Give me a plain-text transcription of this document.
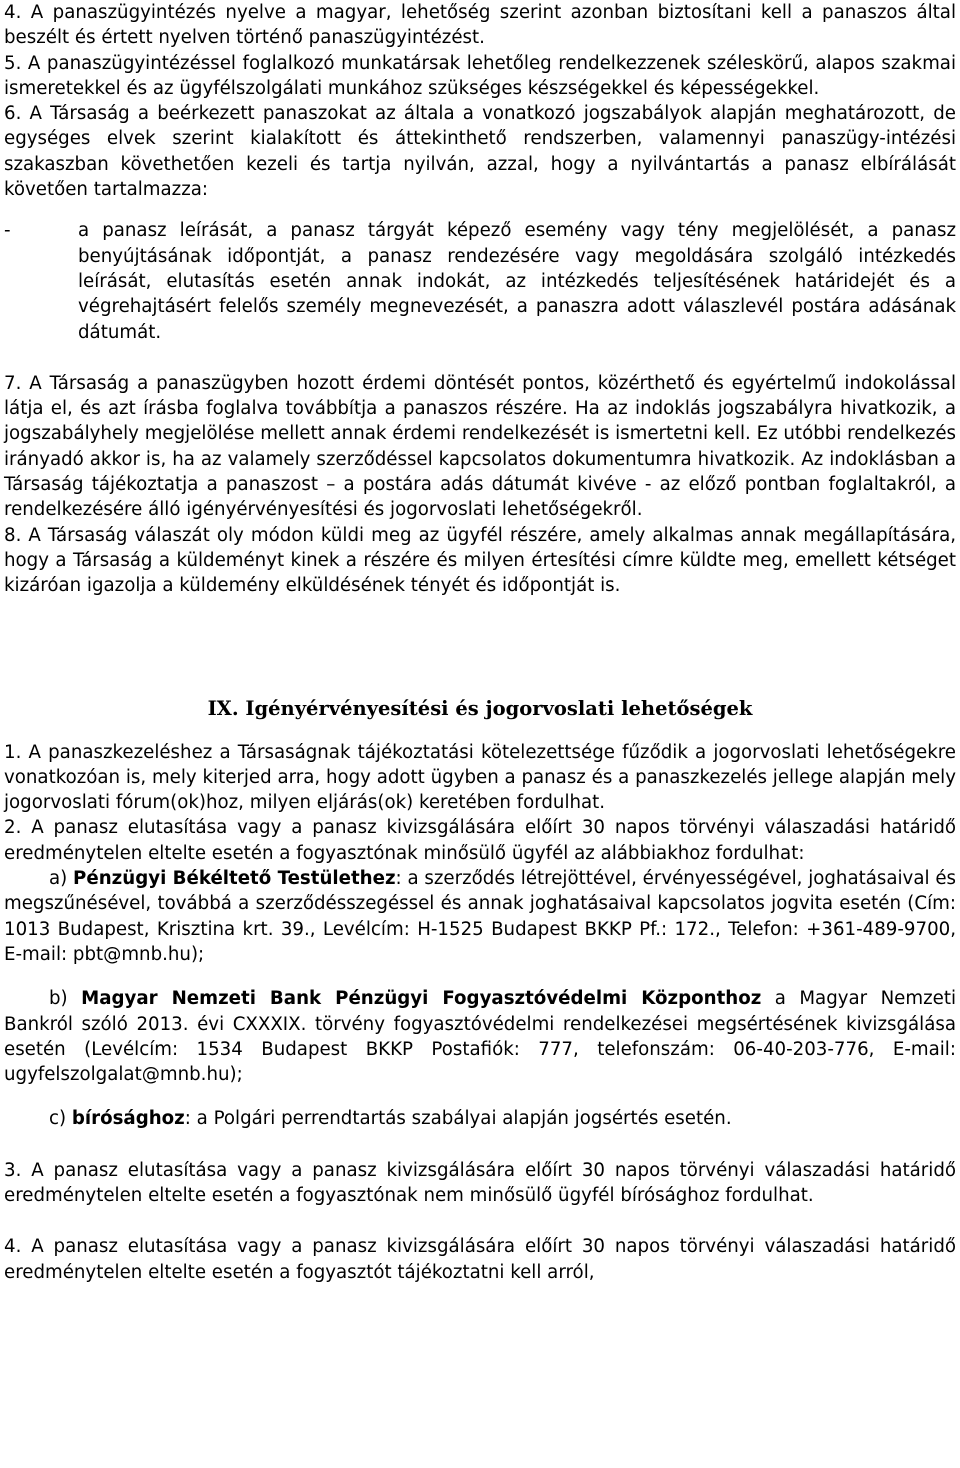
4. A panaszügyintézés nyelve a magyar, lehetőség szerint azonban biztosítani kell a panaszos által beszélt és értett nyelven történő panaszügyintézést.

5. A panaszügyintézéssel foglalkozó munkatársak lehetőleg rendelkezzenek széleskörű, alapos szakmai ismeretekkel és az ügyfélszolgálati munkához szükséges készségekkel és képességekkel.

6. A Társaság a beérkezett panaszokat az általa a vonatkozó jogszabályok alapján meghatározott, de egységes elvek szerint kialakított és áttekinthető rendszerben, valamennyi panaszügy-intézési szakaszban követhetően kezeli és tartja nyilván, azzal, hogy a nyilvántartás a panasz elbírálását követően tartalmazza:

-	a panasz leírását, a panasz tárgyát képező esemény vagy tény megjelölését, a panasz benyújtásának időpontját, a panasz rendezésére vagy megoldására szolgáló intézkedés leírását, elutasítás esetén annak indokát, az intézkedés teljesítésének határidejét és a végrehajtásért felelős személy megnevezését, a panaszra adott válaszlevél postára adásának dátumát.

7. A Társaság a panaszügyben hozott érdemi döntését pontos, közérthető és egyértelmű indokolással látja el, és azt írásba foglalva továbbítja a panaszos részére. Ha az indoklás jogszabályra hivatkozik, a jogszabályhely megjelölése mellett annak érdemi rendelkezését is ismertetni kell. Ez utóbbi rendelkezés irányadó akkor is, ha az valamely szerződéssel kapcsolatos dokumentumra hivatkozik. Az indoklásban a Társaság tájékoztatja a panaszost – a postára adás dátumát kivéve - az előző pontban foglaltakról, a rendelkezésére álló igényérvényesítési és jogorvoslati lehetőségekről.

8. A Társaság válaszát oly módon küldi meg az ügyfél részére, amely alkalmas annak megállapítására, hogy a Társaság a küldeményt kinek a részére és milyen értesítési címre küldte meg, emellett kétséget kizáróan igazolja a küldemény elküldésének tényét és időpontját is.

IX. Igényérvényesítési és jogorvoslati lehetőségek

1. A panaszkezeléshez a Társaságnak tájékoztatási kötelezettsége fűződik a jogorvoslati lehetőségekre vonatkozóan is, mely kiterjed arra, hogy adott ügyben a panasz és a panaszkezelés jellege alapján mely jogorvoslati fórum(ok)hoz, milyen eljárás(ok) keretében fordulhat.

2. A panasz elutasítása vagy a panasz kivizsgálására előírt 30 napos törvényi válaszadási határidő eredménytelen eltelte esetén a fogyasztónak minősülő ügyfél az alábbiakhoz fordulhat:

a) Pénzügyi Békéltető Testülethez: a szerződés létrejöttével, érvényességével, joghatásaival és megszűnésével, továbbá a szerződésszegéssel és annak joghatásaival kapcsolatos jogvita esetén (Cím: 1013 Budapest, Krisztina krt. 39., Levélcím: H-1525 Budapest BKKP Pf.: 172., Telefon: +361-489-9700, E-mail: pbt@mnb.hu);

b) Magyar Nemzeti Bank Pénzügyi Fogyasztóvédelmi Központhoz a Magyar Nemzeti Bankról szóló 2013. évi CXXXIX. törvény fogyasztóvédelmi rendelkezései megsértésének kivizsgálása esetén (Levélcím: 1534 Budapest BKKP Postafiók: 777, telefonszám: 06-40-203-776, E-mail: ugyfelszolgalat@mnb.hu);

c) bírósághoz: a Polgári perrendtartás szabályai alapján jogsértés esetén.

3. A panasz elutasítása vagy a panasz kivizsgálására előírt 30 napos törvényi válaszadási határidő eredménytelen eltelte esetén a fogyasztónak nem minősülő ügyfél bírósághoz fordulhat.

4. A panasz elutasítása vagy a panasz kivizsgálására előírt 30 napos törvényi válaszadási határidő eredménytelen eltelte esetén a fogyasztót tájékoztatni kell arról,
